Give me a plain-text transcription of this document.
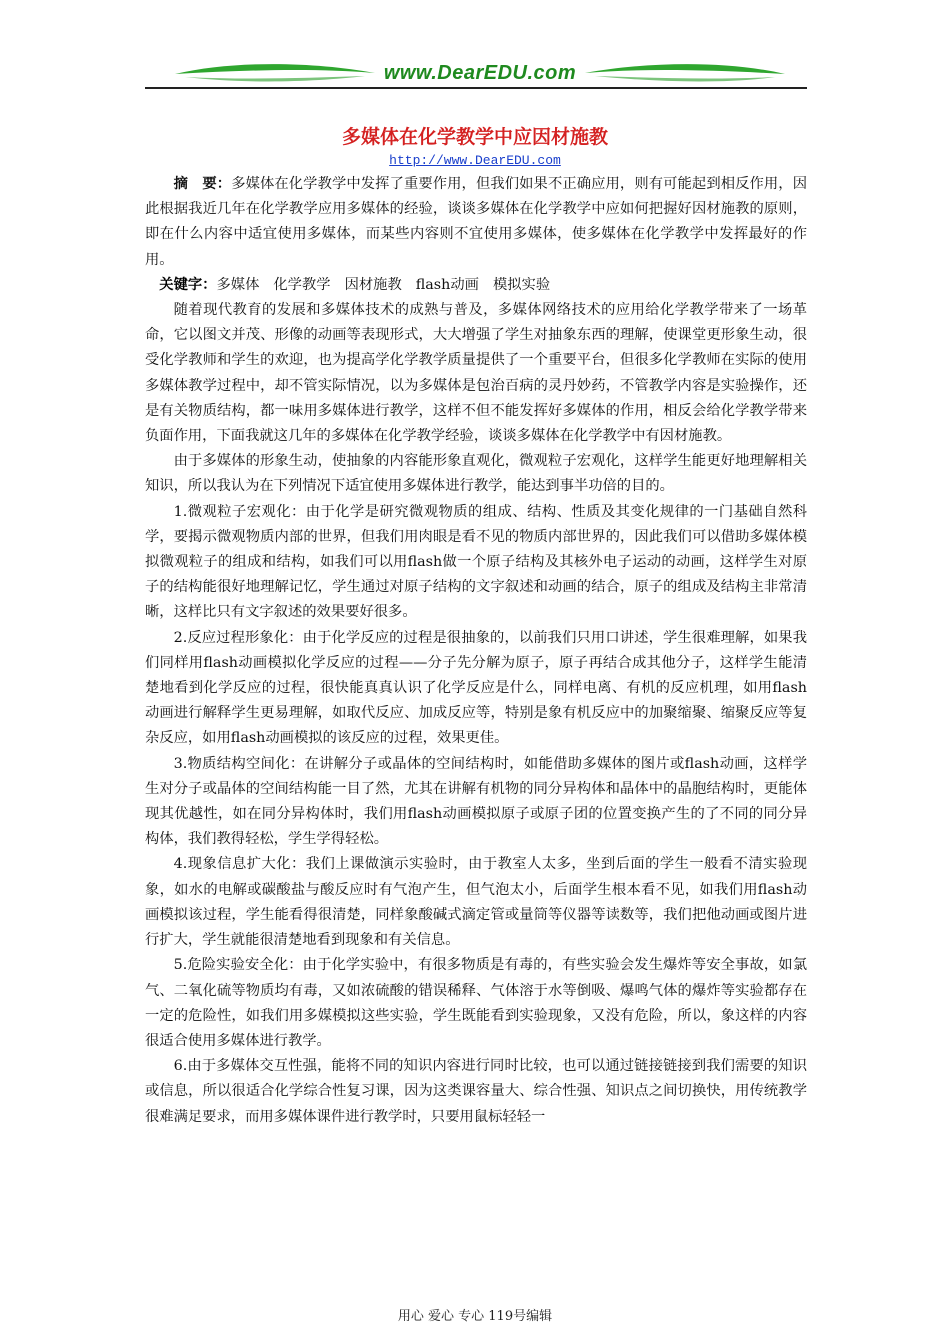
www.DearEDU.com
多媒体在化学教学中应因材施教
http://www.DearEDU.com

摘　要：多媒体在化学教学中发挥了重要作用，但我们如果不正确应用，则有可能起到相反作用，因此根据我近几年在化学教学应用多媒体的经验，谈谈多媒体在化学教学中应如何把握好因材施教的原则，即在什么内容中适宜使用多媒体，而某些内容则不宜使用多媒体，使多媒体在化学教学中发挥最好的作用。

关键字：多媒体 化学教学 因材施教 flash动画 模拟实验

随着现代教育的发展和多媒体技术的成熟与普及，多媒体网络技术的应用给化学教学带来了一场革命，它以图文并茂、形像的动画等表现形式，大大增强了学生对抽象东西的理解，使课堂更形象生动，很受化学教师和学生的欢迎，也为提高学化学教学质量提供了一个重要平台，但很多化学教师在实际的使用多媒体教学过程中，却不管实际情况，以为多媒体是包治百病的灵丹妙药，不管教学内容是实验操作，还是有关物质结构，都一味用多媒体进行教学，这样不但不能发挥好多媒体的作用，相反会给化学教学带来负面作用，下面我就这几年的多媒体在化学教学经验，谈谈多媒体在化学教学中有因材施教。

由于多媒体的形象生动，使抽象的内容能形象直观化，微观粒子宏观化，这样学生能更好地理解相关知识，所以我认为在下列情况下适宜使用多媒体进行教学，能达到事半功倍的目的。

1.微观粒子宏观化：由于化学是研究微观物质的组成、结构、性质及其变化规律的一门基础自然科学，要揭示微观物质内部的世界，但我们用肉眼是看不见的物质内部世界的，因此我们可以借助多媒体模拟微观粒子的组成和结构，如我们可以用flash做一个原子结构及其核外电子运动的动画，这样学生对原子的结构能很好地理解记忆，学生通过对原子结构的文字叙述和动画的结合，原子的组成及结构主非常清晰，这样比只有文字叙述的效果要好很多。

2.反应过程形象化：由于化学反应的过程是很抽象的，以前我们只用口讲述，学生很难理解，如果我们同样用flash动画模拟化学反应的过程——分子先分解为原子，原子再结合成其他分子，这样学生能清楚地看到化学反应的过程，很快能真真认识了化学反应是什么，同样电离、有机的反应机理，如用flash动画进行解释学生更易理解，如取代反应、加成反应等，特别是象有机反应中的加聚缩聚、缩聚反应等复杂反应，如用flash动画模拟的该反应的过程，效果更佳。

3.物质结构空间化：在讲解分子或晶体的空间结构时，如能借助多媒体的图片或flash动画，这样学生对分子或晶体的空间结构能一目了然，尤其在讲解有机物的同分异构体和晶体中的晶胞结构时，更能体现其优越性，如在同分异构体时，我们用flash动画模拟原子或原子团的位置变换产生的了不同的同分异构体，我们教得轻松，学生学得轻松。

4.现象信息扩大化：我们上课做演示实验时，由于教室人太多，坐到后面的学生一般看不清实验现象，如水的电解或碳酸盐与酸反应时有气泡产生，但气泡太小，后面学生根本看不见，如我们用flash动画模拟该过程，学生能看得很清楚，同样象酸碱式滴定管或量筒等仪器等读数等，我们把他动画或图片进行扩大，学生就能很清楚地看到现象和有关信息。

5.危险实验安全化：由于化学实验中，有很多物质是有毒的，有些实验会发生爆炸等安全事故，如氯气、二氧化硫等物质均有毒，又如浓硫酸的错误稀释、气体溶于水等倒吸、爆鸣气体的爆炸等实验都存在一定的危险性，如我们用多媒模拟这些实验，学生既能看到实验现象，又没有危险，所以，象这样的内容很适合使用多媒体进行教学。

6.由于多媒体交互性强，能将不同的知识内容进行同时比较，也可以通过链接链接到我们需要的知识或信息，所以很适合化学综合性复习课，因为这类课容量大、综合性强、知识点之间切换快，用传统教学很难满足要求，而用多媒体课件进行教学时，只要用鼠标轻轻一

用心 爱心 专心 119号编辑
